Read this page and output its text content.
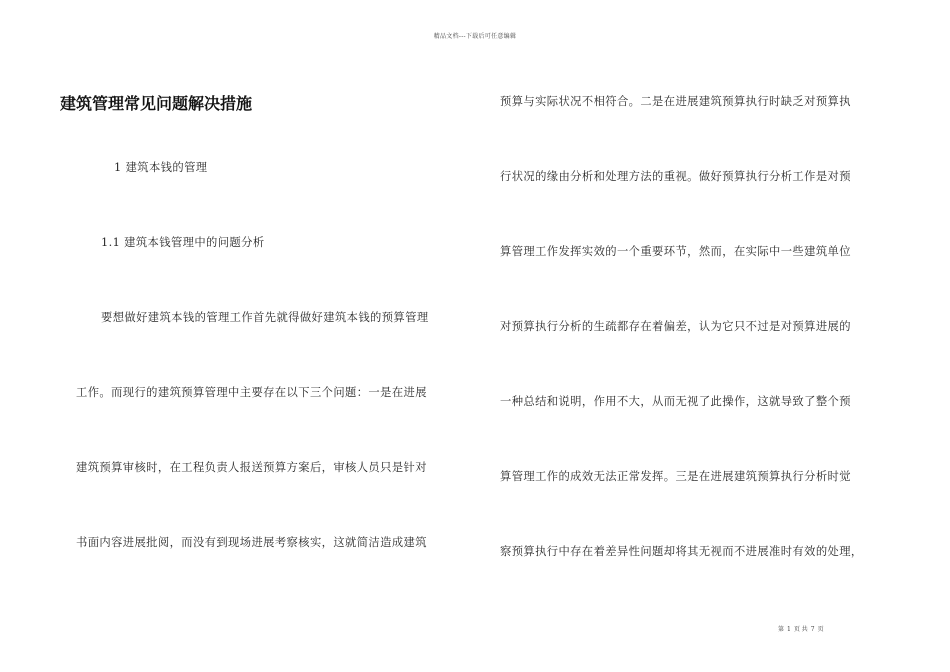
精品文档---下载后可任意编辑
建筑管理常见问题解决措施
1 建筑本钱的管理
1.1 建筑本钱管理中的问题分析
要想做好建筑本钱的管理工作首先就得做好建筑本钱的预算管理
工作。而现行的建筑预算管理中主要存在以下三个问题：一是在进展
建筑预算审核时，在工程负责人报送预算方案后，审核人员只是针对
书面内容进展批阅，而没有到现场进展考察核实，这就简洁造成建筑
预算与实际状况不相符合。二是在进展建筑预算执行时缺乏对预算执
行状况的缘由分析和处理方法的重视。做好预算执行分析工作是对预
算管理工作发挥实效的一个重要环节，然而，在实际中一些建筑单位
对预算执行分析的生疏都存在着偏差，认为它只不过是对预算进展的
一种总结和说明，作用不大，从而无视了此操作，这就导致了整个预
算管理工作的成效无法正常发挥。三是在进展建筑预算执行分析时觉
察预算执行中存在着差异性问题却将其无视而不进展准时有效的处理，
第 1 页 共 7 页
